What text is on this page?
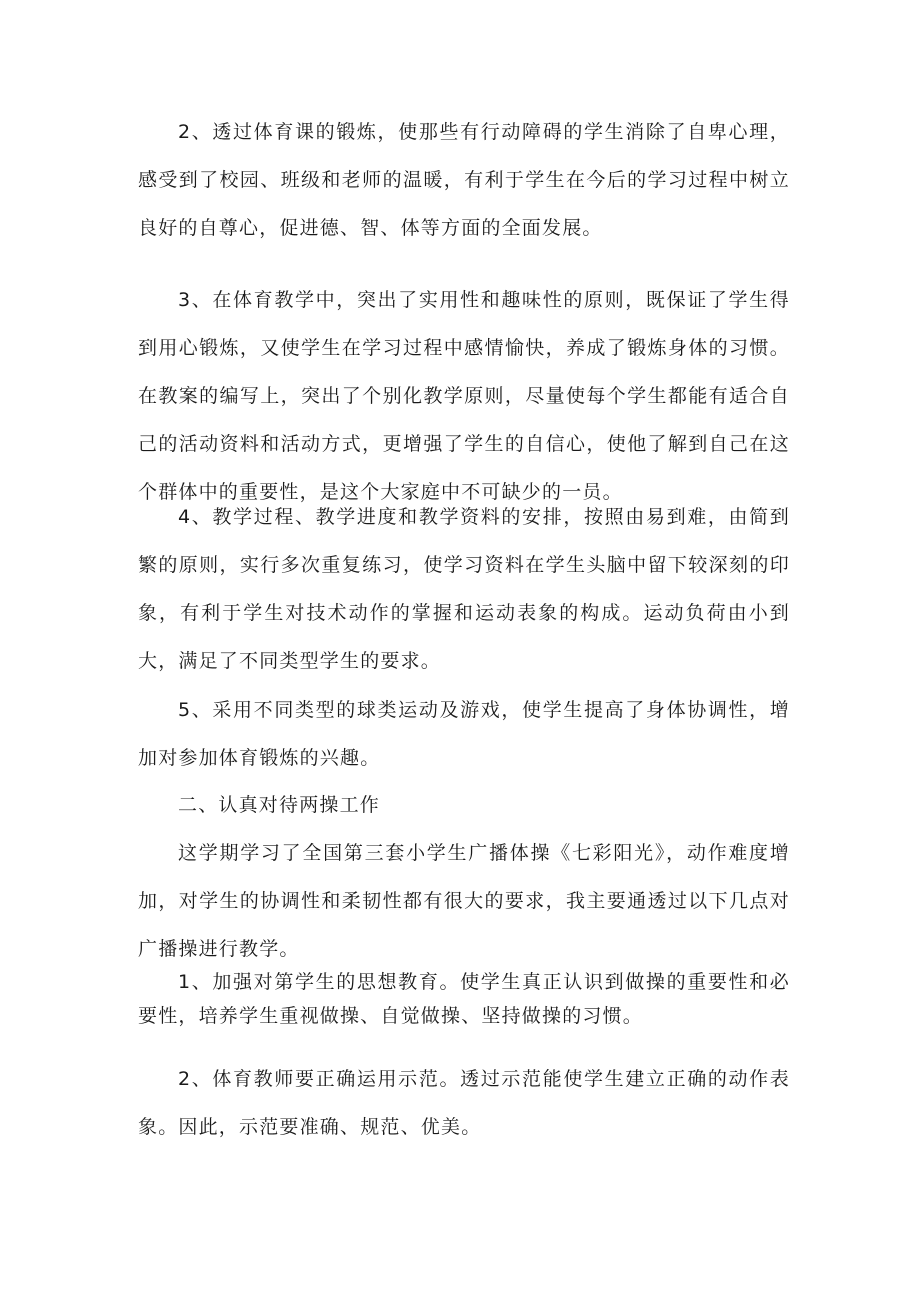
2、透过体育课的锻炼，使那些有行动障碍的学生消除了自卑心理，感受到了校园、班级和老师的温暖，有利于学生在今后的学习过程中树立良好的自尊心，促进德、智、体等方面的全面发展。

3、在体育教学中，突出了实用性和趣味性的原则，既保证了学生得到用心锻炼，又使学生在学习过程中感情愉快，养成了锻炼身体的习惯。在教案的编写上，突出了个别化教学原则，尽量使每个学生都能有适合自己的活动资料和活动方式，更增强了学生的自信心，使他了解到自己在这个群体中的重要性，是这个大家庭中不可缺少的一员。

4、教学过程、教学进度和教学资料的安排，按照由易到难，由简到繁的原则，实行多次重复练习，使学习资料在学生头脑中留下较深刻的印象，有利于学生对技术动作的掌握和运动表象的构成。运动负荷由小到大，满足了不同类型学生的要求。

5、采用不同类型的球类运动及游戏，使学生提高了身体协调性，增加对参加体育锻炼的兴趣。

二、认真对待两操工作

这学期学习了全国第三套小学生广播体操《七彩阳光》，动作难度增加，对学生的协调性和柔韧性都有很大的要求，我主要通透过以下几点对广播操进行教学。

1、加强对第学生的思想教育。使学生真正认识到做操的重要性和必要性，培养学生重视做操、自觉做操、坚持做操的习惯。

2、体育教师要正确运用示范。透过示范能使学生建立正确的动作表象。因此，示范要准确、规范、优美。
